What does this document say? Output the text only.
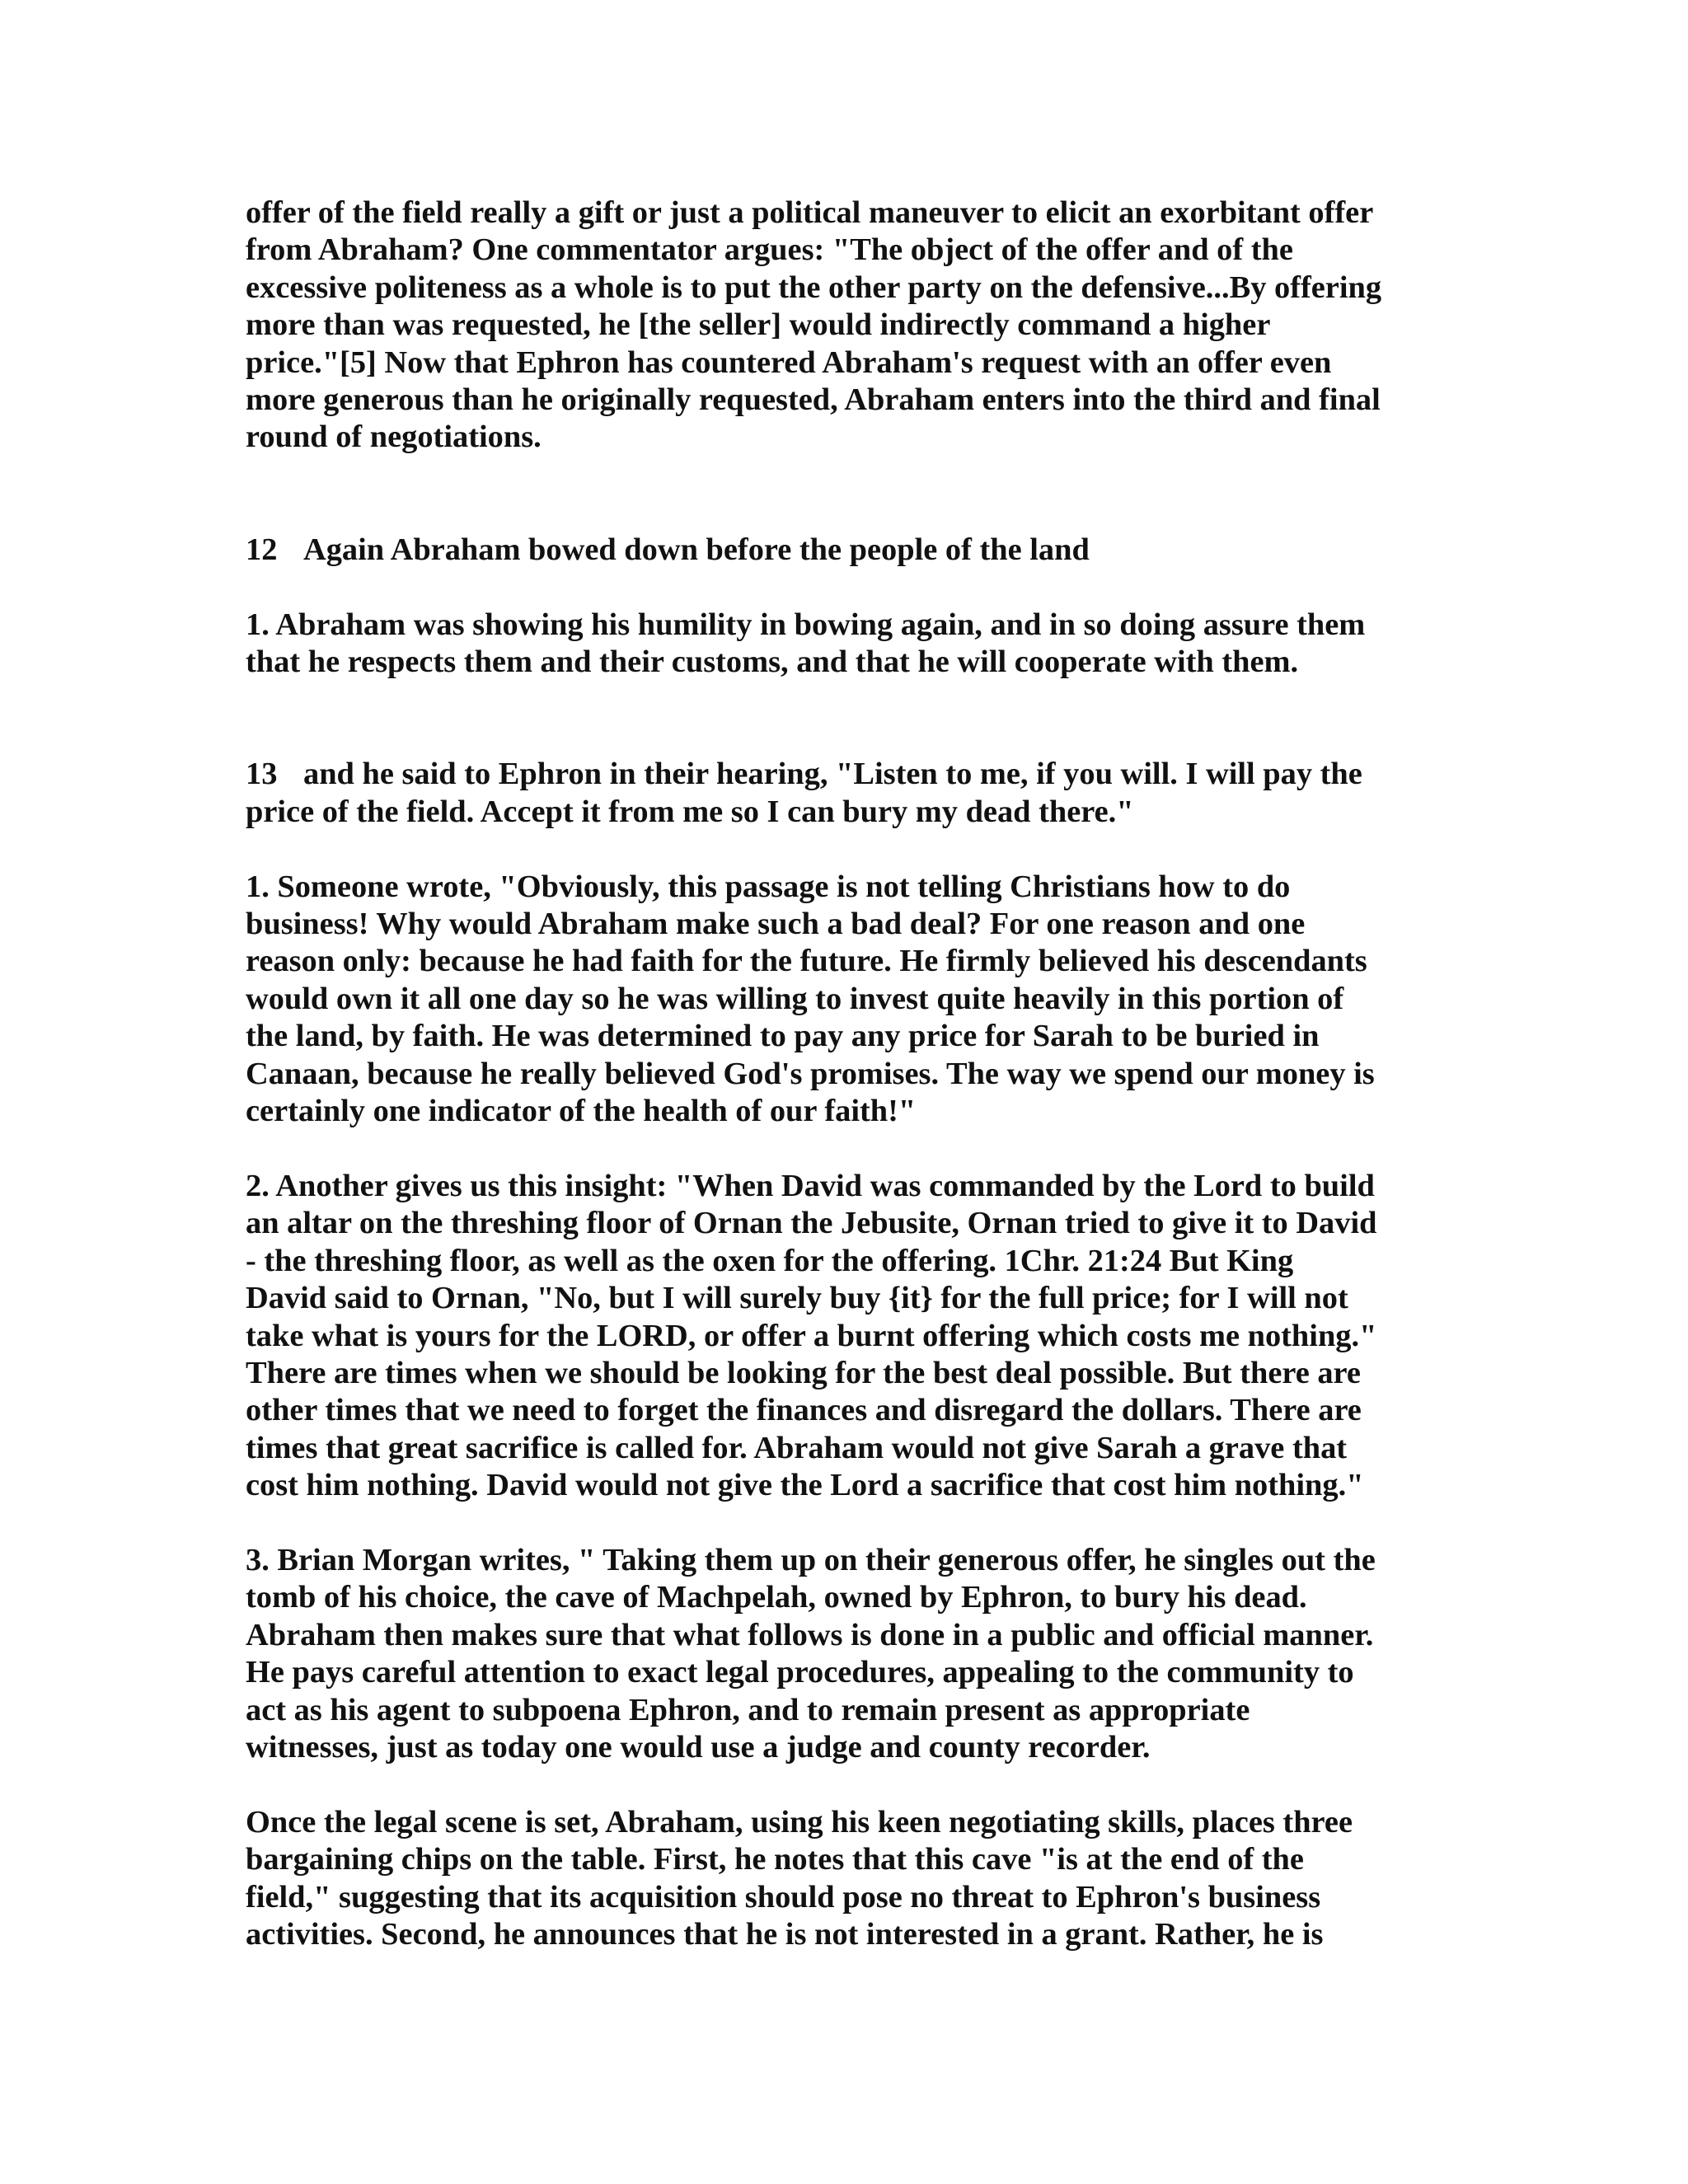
offer of the field really a gift or just a political maneuver to elicit an exorbitant offer
from Abraham? One commentator argues: "The object of the offer and of the
excessive politeness as a whole is to put the other party on the defensive...By offering
more than was requested, he [the seller] would indirectly command a higher
price."[5] Now that Ephron has countered Abraham's request with an offer even
more generous than he originally requested, Abraham enters into the third and final
round of negotiations.

12 Again Abraham bowed down before the people of the land

1. Abraham was showing his humility in bowing again, and in so doing assure them
that he respects them and their customs, and that he will cooperate with them.

13 and he said to Ephron in their hearing, "Listen to me, if you will. I will pay the
price of the field. Accept it from me so I can bury my dead there."

1. Someone wrote, "Obviously, this passage is not telling Christians how to do
business! Why would Abraham make such a bad deal? For one reason and one
reason only: because he had faith for the future. He firmly believed his descendants
would own it all one day so he was willing to invest quite heavily in this portion of
the land, by faith. He was determined to pay any price for Sarah to be buried in
Canaan, because he really believed God's promises. The way we spend our money is
certainly one indicator of the health of our faith!"

2. Another gives us this insight: "When David was commanded by the Lord to build
an altar on the threshing floor of Ornan the Jebusite, Ornan tried to give it to David
- the threshing floor, as well as the oxen for the offering. 1Chr. 21:24 But King
David said to Ornan, "No, but I will surely buy {it} for the full price; for I will not
take what is yours for the LORD, or offer a burnt offering which costs me nothing."
There are times when we should be looking for the best deal possible. But there are
other times that we need to forget the finances and disregard the dollars. There are
times that great sacrifice is called for. Abraham would not give Sarah a grave that
cost him nothing. David would not give the Lord a sacrifice that cost him nothing."

3. Brian Morgan writes, " Taking them up on their generous offer, he singles out the
tomb of his choice, the cave of Machpelah, owned by Ephron, to bury his dead.
Abraham then makes sure that what follows is done in a public and official manner.
He pays careful attention to exact legal procedures, appealing to the community to
act as his agent to subpoena Ephron, and to remain present as appropriate
witnesses, just as today one would use a judge and county recorder.

Once the legal scene is set, Abraham, using his keen negotiating skills, places three
bargaining chips on the table. First, he notes that this cave "is at the end of the
field," suggesting that its acquisition should pose no threat to Ephron's business
activities. Second, he announces that he is not interested in a grant. Rather, he is
